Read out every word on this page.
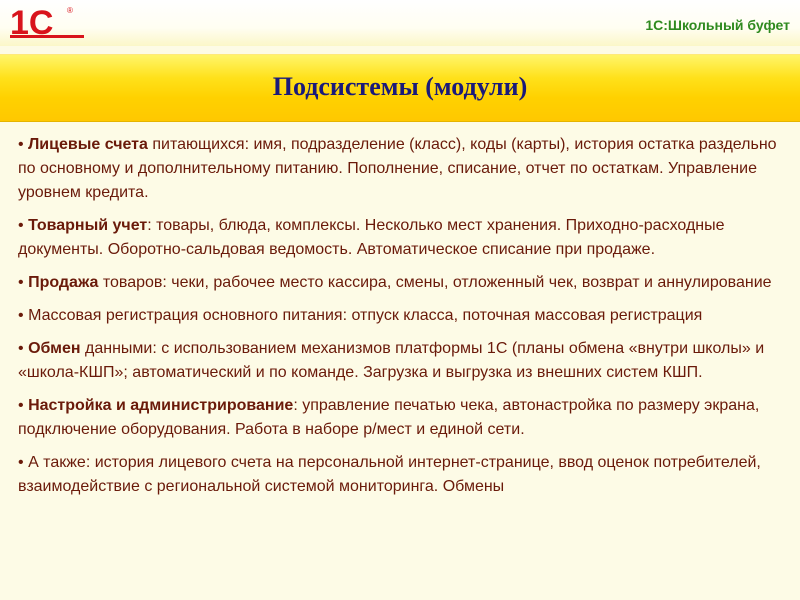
1С ®
1С:Школьный буфет
Подсистемы (модули)

• Лицевые счета питающихся: имя, подразделение (класс), коды (карты), история остатка раздельно по основному и дополнительному питанию. Пополнение, списание, отчет по остаткам. Управление уровнем кредита.

• Товарный учет: товары, блюда, комплексы. Несколько мест хранения. Приходно-расходные документы. Оборотно-сальдовая ведомость. Автоматическое списание при продаже.

• Продажа товаров: чеки, рабочее место кассира, смены, отложенный чек, возврат и аннулирование

• Массовая регистрация основного питания: отпуск класса, поточная массовая регистрация

• Обмен данными: с использованием механизмов платформы 1С (планы обмена «внутри школы» и «школа-КШП»; автоматический и по команде. Загрузка и выгрузка из внешних систем КШП.

• Настройка и администрирование: управление печатью чека, автонастройка по размеру экрана, подключение оборудования. Работа в наборе р/мест и единой сети.

• А также: история лицевого счета на персональной интернет-странице, ввод оценок потребителей, взаимодействие с региональной системой мониторинга. Обмены
